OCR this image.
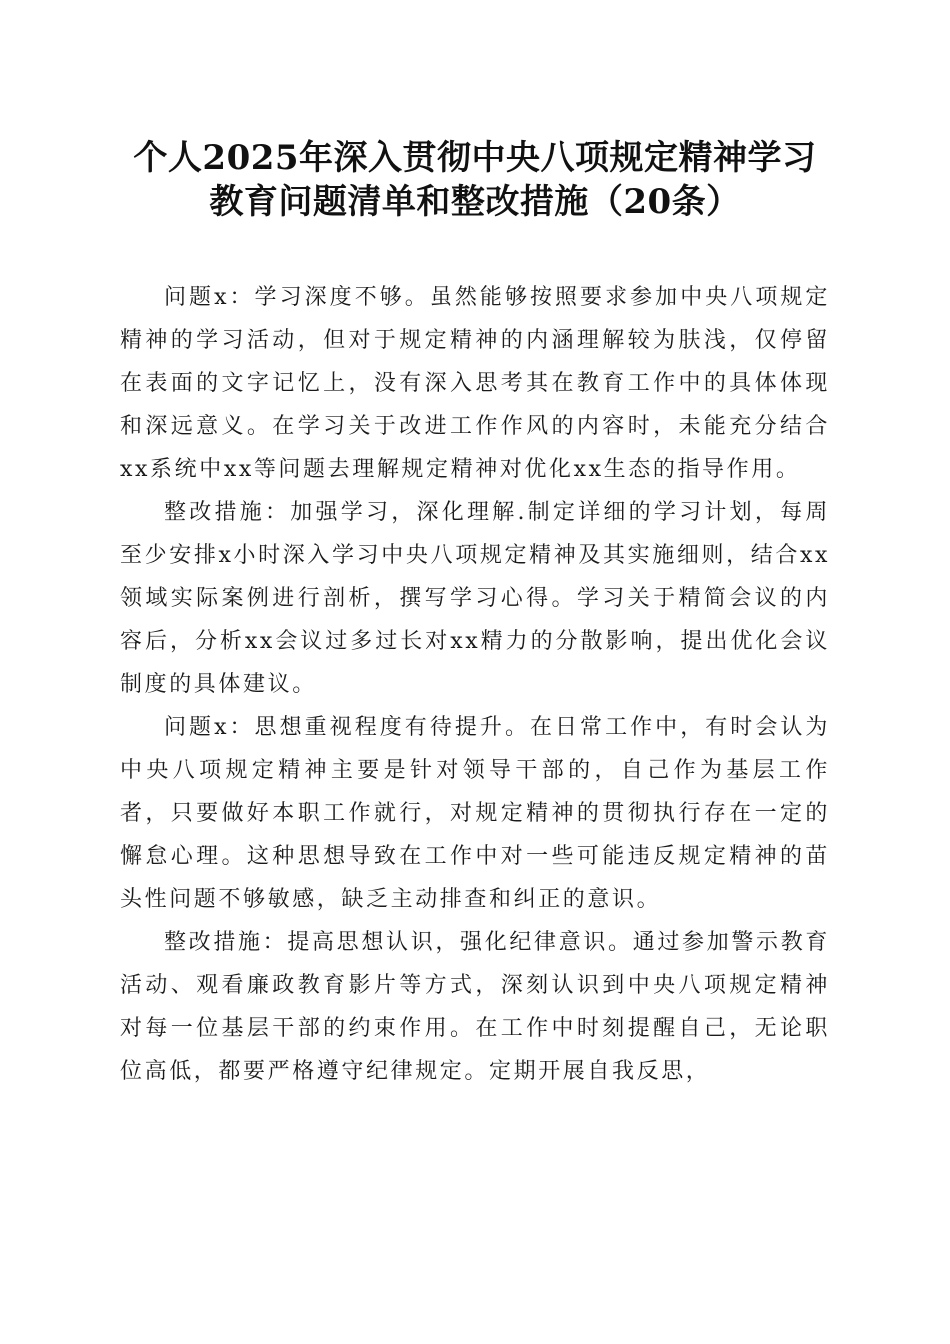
个人2025年深入贯彻中央八项规定精神学习
教育问题清单和整改措施（20条）

问题x：学习深度不够。虽然能够按照要求参加中央八项规定精神的学习活动，但对于规定精神的内涵理解较为肤浅，仅停留在表面的文字记忆上，没有深入思考其在教育工作中的具体体现和深远意义。在学习关于改进工作作风的内容时，未能充分结合xx系统中xx等问题去理解规定精神对优化xx生态的指导作用。

整改措施：加强学习，深化理解.制定详细的学习计划，每周至少安排x小时深入学习中央八项规定精神及其实施细则，结合xx领域实际案例进行剖析，撰写学习心得。学习关于精简会议的内容后，分析xx会议过多过长对xx精力的分散影响，提出优化会议制度的具体建议。

问题x：思想重视程度有待提升。在日常工作中，有时会认为中央八项规定精神主要是针对领导干部的，自己作为基层工作者，只要做好本职工作就行，对规定精神的贯彻执行存在一定的懈怠心理。这种思想导致在工作中对一些可能违反规定精神的苗头性问题不够敏感，缺乏主动排查和纠正的意识。

整改措施：提高思想认识，强化纪律意识。通过参加警示教育活动、观看廉政教育影片等方式，深刻认识到中央八项规定精神对每一位基层干部的约束作用。在工作中时刻提醒自己，无论职位高低，都要严格遵守纪律规定。定期开展自我反思，
